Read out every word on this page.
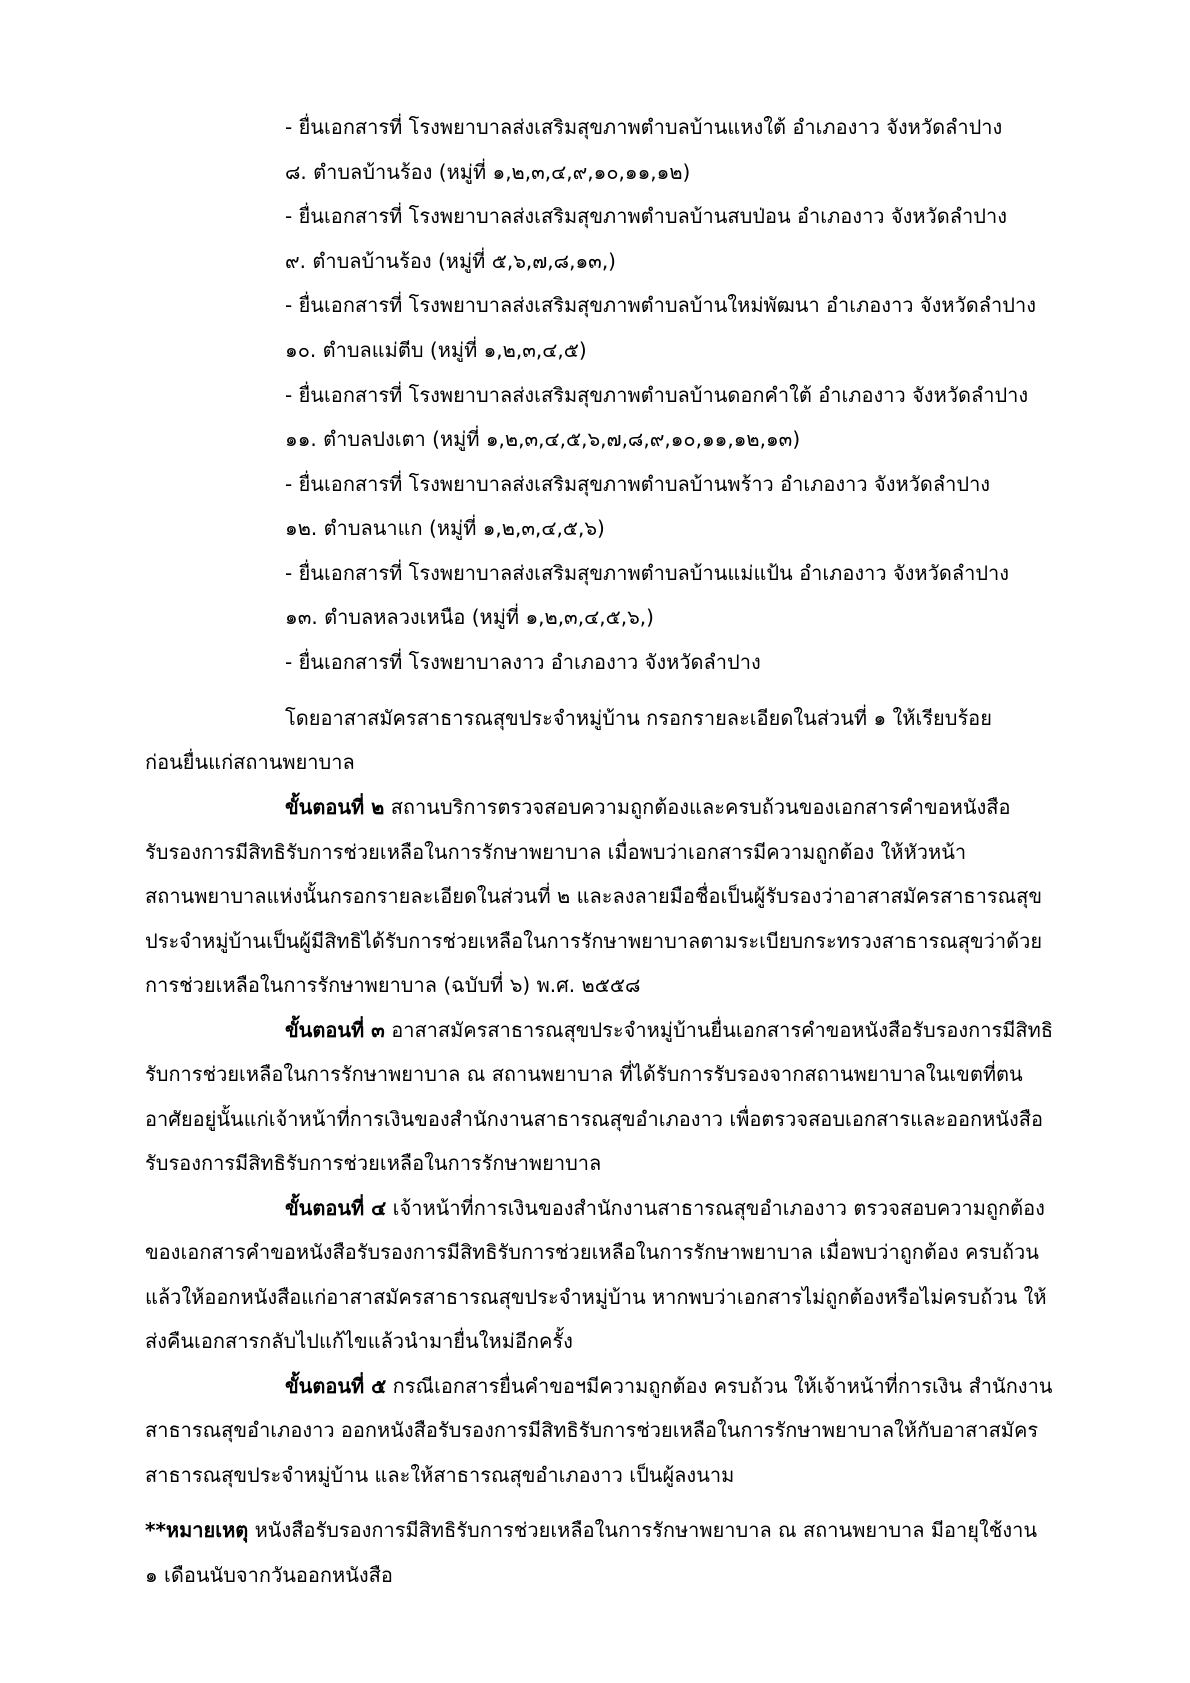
- ยื่นเอกสารที่ โรงพยาบาลส่งเสริมสุขภาพตำบลบ้านแหงใต้ อำเภองาว จังหวัดลำปาง
๘. ตำบลบ้านร้อง (หมู่ที่ ๑,๒,๓,๔,๙,๑๐,๑๑,๑๒)
- ยื่นเอกสารที่ โรงพยาบาลส่งเสริมสุขภาพตำบลบ้านสบป่อน อำเภองาว จังหวัดลำปาง
๙. ตำบลบ้านร้อง (หมู่ที่ ๕,๖,๗,๘,๑๓,)
- ยื่นเอกสารที่ โรงพยาบาลส่งเสริมสุขภาพตำบลบ้านใหม่พัฒนา อำเภองาว จังหวัดลำปาง
๑๐. ตำบลแม่ตีบ (หมู่ที่ ๑,๒,๓,๔,๕)
- ยื่นเอกสารที่ โรงพยาบาลส่งเสริมสุขภาพตำบลบ้านดอกคำใต้ อำเภองาว จังหวัดลำปาง
๑๑. ตำบลปงเตา (หมู่ที่ ๑,๒,๓,๔,๕,๖,๗,๘,๙,๑๐,๑๑,๑๒,๑๓)
- ยื่นเอกสารที่ โรงพยาบาลส่งเสริมสุขภาพตำบลบ้านพร้าว อำเภองาว จังหวัดลำปาง
๑๒. ตำบลนาแก (หมู่ที่ ๑,๒,๓,๔,๕,๖)
- ยื่นเอกสารที่ โรงพยาบาลส่งเสริมสุขภาพตำบลบ้านแม่แป้น อำเภองาว จังหวัดลำปาง
๑๓. ตำบลหลวงเหนือ (หมู่ที่ ๑,๒,๓,๔,๕,๖,)
- ยื่นเอกสารที่ โรงพยาบาลงาว อำเภองาว จังหวัดลำปาง
โดยอาสาสมัครสาธารณสุขประจำหมู่บ้าน กรอกรายละเอียดในส่วนที่ ๑ ให้เรียบร้อย
ก่อนยื่นแก่สถานพยาบาล
ขั้นตอนที่ ๒ สถานบริการตรวจสอบความถูกต้องและครบถ้วนของเอกสารคำขอหนังสือ
รับรองการมีสิทธิรับการช่วยเหลือในการรักษาพยาบาล เมื่อพบว่าเอกสารมีความถูกต้อง ให้หัวหน้า
สถานพยาบาลแห่งนั้นกรอกรายละเอียดในส่วนที่ ๒ และลงลายมือชื่อเป็นผู้รับรองว่าอาสาสมัครสาธารณสุข
ประจำหมู่บ้านเป็นผู้มีสิทธิได้รับการช่วยเหลือในการรักษาพยาบาลตามระเบียบกระทรวงสาธารณสุขว่าด้วย
การช่วยเหลือในการรักษาพยาบาล (ฉบับที่ ๖) พ.ศ. ๒๕๕๘
ขั้นตอนที่ ๓ อาสาสมัครสาธารณสุขประจำหมู่บ้านยื่นเอกสารคำขอหนังสือรับรองการมีสิทธิ
รับการช่วยเหลือในการรักษาพยาบาล ณ สถานพยาบาล ที่ได้รับการรับรองจากสถานพยาบาลในเขตที่ตน
อาศัยอยู่นั้นแก่เจ้าหน้าที่การเงินของสำนักงานสาธารณสุขอำเภองาว เพื่อตรวจสอบเอกสารและออกหนังสือ
รับรองการมีสิทธิรับการช่วยเหลือในการรักษาพยาบาล
ขั้นตอนที่ ๔ เจ้าหน้าที่การเงินของสำนักงานสาธารณสุขอำเภองาว ตรวจสอบความถูกต้อง
ของเอกสารคำขอหนังสือรับรองการมีสิทธิรับการช่วยเหลือในการรักษาพยาบาล เมื่อพบว่าถูกต้อง ครบถ้วน
แล้วให้ออกหนังสือแก่อาสาสมัครสาธารณสุขประจำหมู่บ้าน หากพบว่าเอกสารไม่ถูกต้องหรือไม่ครบถ้วน ให้
ส่งคืนเอกสารกลับไปแก้ไขแล้วนำมายื่นใหม่อีกครั้ง
ขั้นตอนที่ ๕ กรณีเอกสารยื่นคำขอฯมีความถูกต้อง ครบถ้วน ให้เจ้าหน้าที่การเงิน สำนักงาน
สาธารณสุขอำเภองาว ออกหนังสือรับรองการมีสิทธิรับการช่วยเหลือในการรักษาพยาบาลให้กับอาสาสมัคร
สาธารณสุขประจำหมู่บ้าน และให้สาธารณสุขอำเภองาว เป็นผู้ลงนาม
**หมายเหตุ หนังสือรับรองการมีสิทธิรับการช่วยเหลือในการรักษาพยาบาล ณ สถานพยาบาล มีอายุใช้งาน
๑ เดือนนับจากวันออกหนังสือ
